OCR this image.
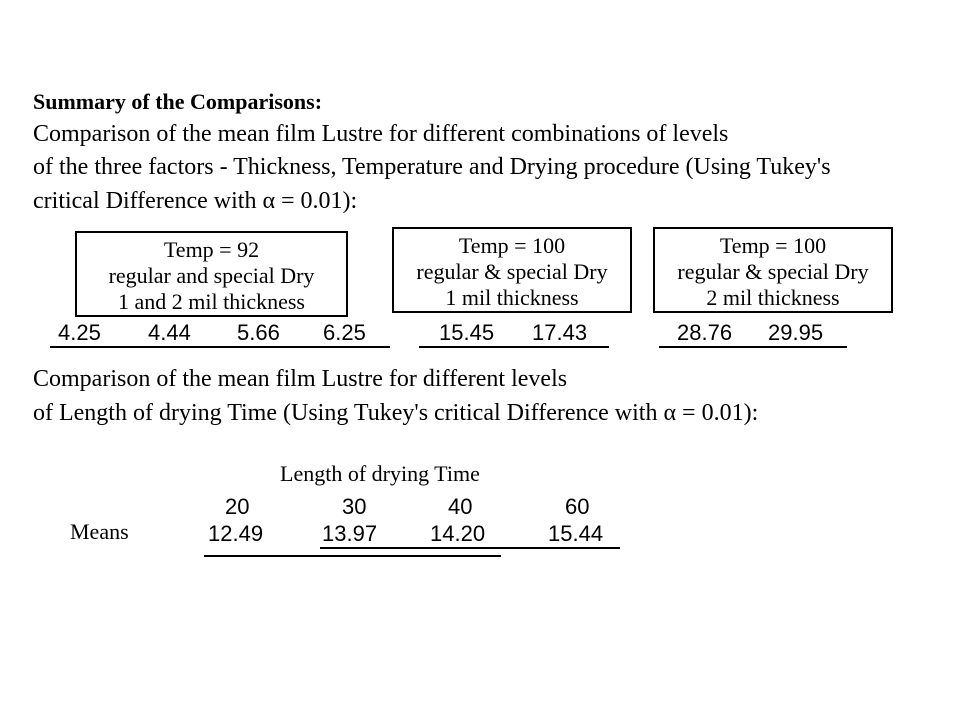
Summary of the Comparisons:
Comparison of the mean film Lustre for different combinations of levels
of the three factors - Thickness, Temperature and Drying procedure (Using Tukey's
critical Difference with α = 0.01):
Temp = 92
regular and special Dry
1 and 2 mil thickness
Temp = 100
regular & special Dry
1 mil thickness
Temp = 100
regular & special Dry
2 mil thickness
4.25 4.44 5.66 6.25	15.45 17.43	28.76 29.95
Comparison of the mean film Lustre for different levels
of Length of drying Time (Using Tukey's critical Difference with α = 0.01):
Length of drying Time
Means
20	30	40	60
12.49	13.97 14.20	15.44
